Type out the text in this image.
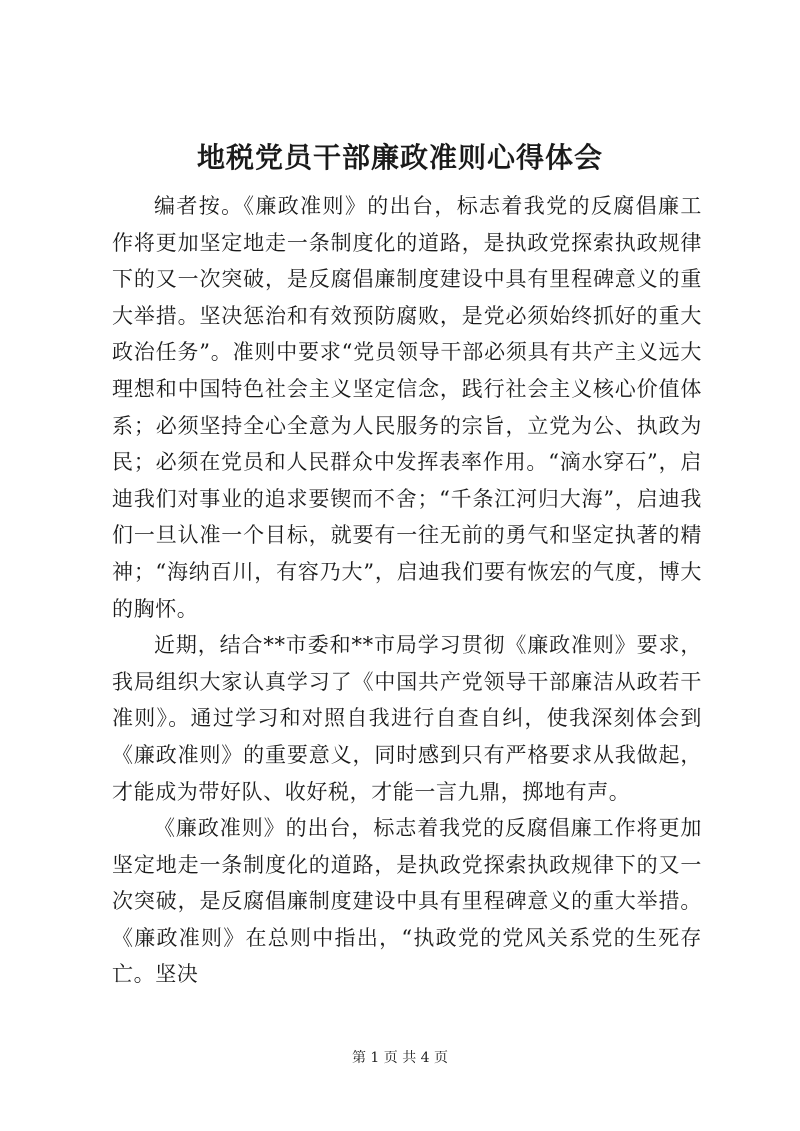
地税党员干部廉政准则心得体会

编者按。《廉政准则》的出台，标志着我党的反腐倡廉工作将更加坚定地走一条制度化的道路，是执政党探索执政规律下的又一次突破，是反腐倡廉制度建设中具有里程碑意义的重大举措。坚决惩治和有效预防腐败，是党必须始终抓好的重大政治任务”。准则中要求“党员领导干部必须具有共产主义远大理想和中国特色社会主义坚定信念，践行社会主义核心价值体系；必须坚持全心全意为人民服务的宗旨，立党为公、执政为民；必须在党员和人民群众中发挥表率作用。“滴水穿石”，启迪我们对事业的追求要锲而不舍；“千条江河归大海”，启迪我们一旦认准一个目标，就要有一往无前的勇气和坚定执著的精神；“海纳百川，有容乃大”，启迪我们要有恢宏的气度，博大的胸怀。

近期，结合**市委和**市局学习贯彻《廉政准则》要求，我局组织大家认真学习了《中国共产党领导干部廉洁从政若干准则》。通过学习和对照自我进行自查自纠，使我深刻体会到《廉政准则》的重要意义，同时感到只有严格要求从我做起，才能成为带好队、收好税，才能一言九鼎，掷地有声。

《廉政准则》的出台，标志着我党的反腐倡廉工作将更加坚定地走一条制度化的道路，是执政党探索执政规律下的又一次突破，是反腐倡廉制度建设中具有里程碑意义的重大举措。《廉政准则》在总则中指出，“执政党的党风关系党的生死存亡。坚决

第 1 页 共 4 页
